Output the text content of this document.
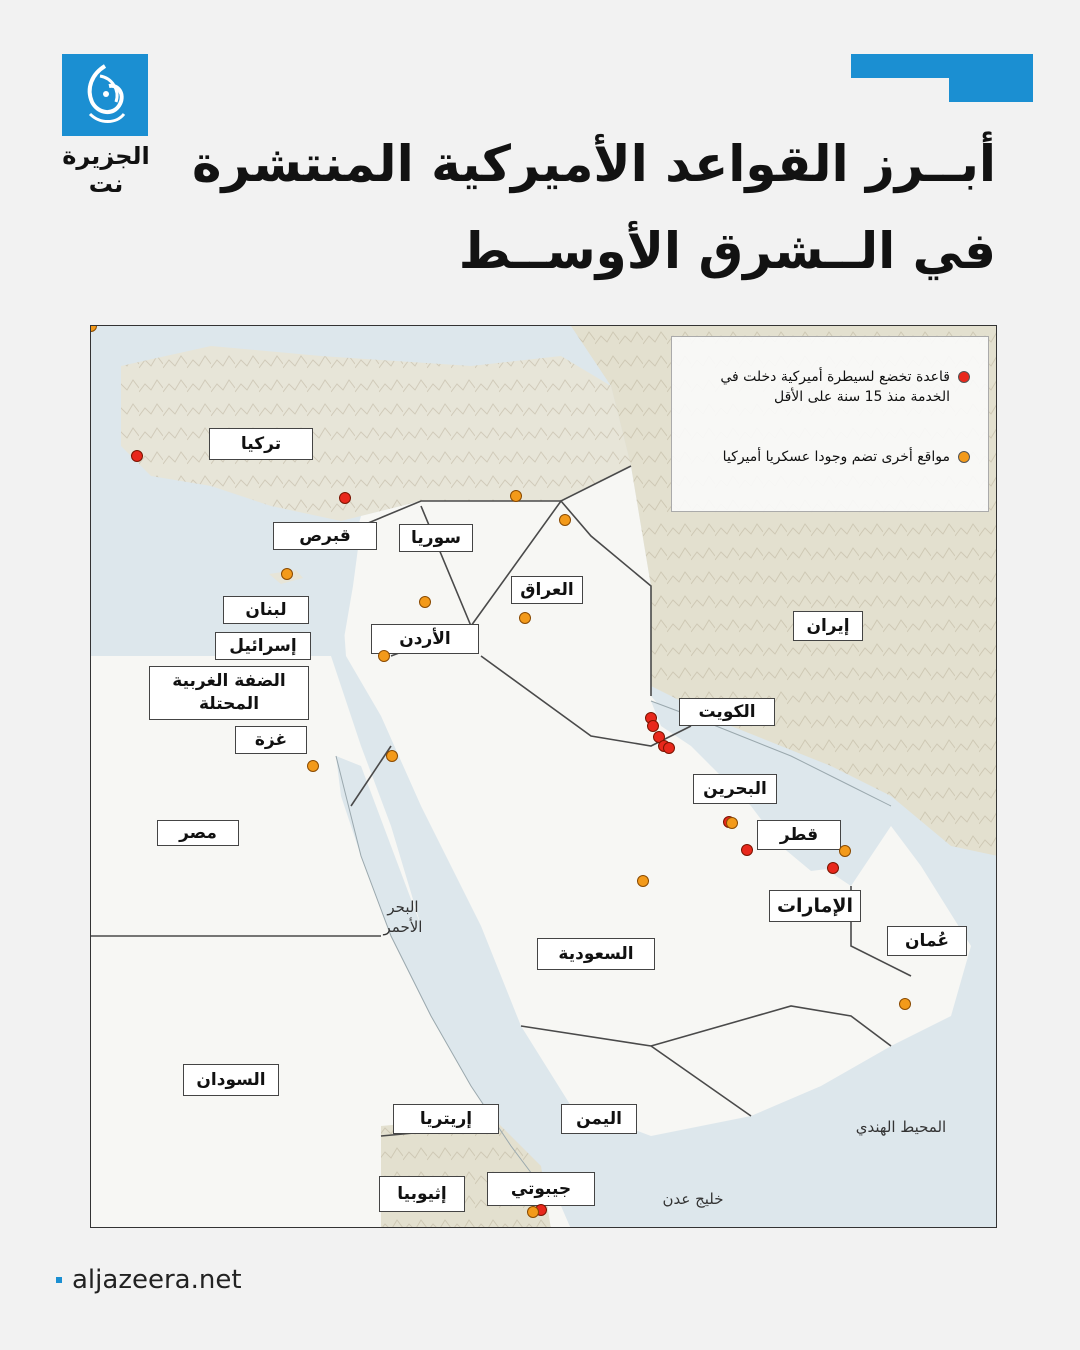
الجزيرة نت	أبــرز القواعد الأميركية المنتشرة
في الــشرق الأوســط
قاعدة تخضع لسيطرة أميركية دخلت في الخدمة منذ 15 سنة على الأقل
مواقع أخرى تضم وجودا عسكريا أميركيا
تركيا
قبرص	سوريا
العراق
إيران
لبنان
إسرائيل	الأردن
الضفة الغربية المحتلة
غزة
الكويت
البحرين
قطر
الإمارات
عُمان
مصر
السعودية
السودان
إريتريا	اليمن
إثيوبيا	جيبوتي
البحر الأحمر
المحيط الهندي
خليج عدن
aljazeera.net
